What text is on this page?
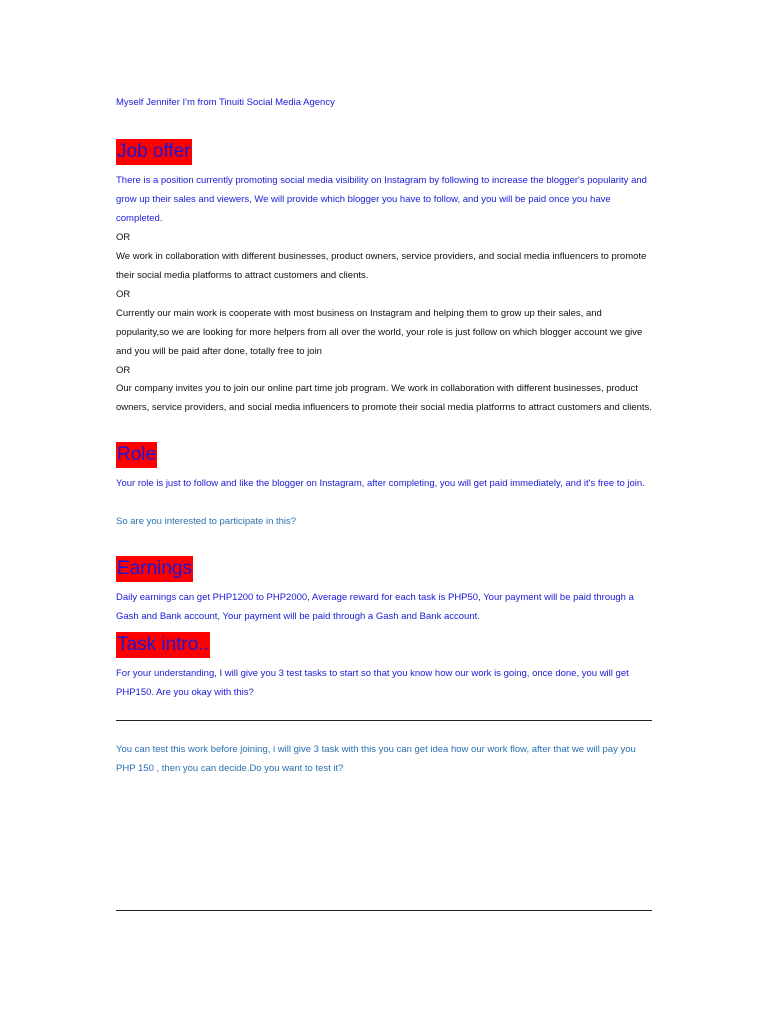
Myself Jennifer I'm from Tinuiti Social Media Agency
Job offer

There is a position currently promoting social media visibility on Instagram by following to increase the blogger's popularity and grow up their sales and viewers, We will provide which blogger you have to follow, and you will be paid once you have completed.

OR

We work in collaboration with different businesses, product owners, service providers, and social media influencers to promote their social media platforms to attract customers and clients.

OR

Currently our main work is cooperate with most business on Instagram and helping them to grow up their sales, and popularity,so we are looking for more helpers from all over the world, your role is just follow on which blogger account we give and you will be paid after done, totally free to join

OR

Our company invites you to join our online part time job program. We work in collaboration with different businesses, product owners, service providers, and social media influencers to promote their social media platforms to attract customers and clients.

Role

Your role is just to follow and like the blogger on Instagram, after completing, you will get paid immediately, and it's free to join.

So are you interested to participate in this?

Earnings

Daily earnings can get PHP1200 to PHP2000, Average reward for each task is PHP50, Your payment will be paid through a Gash and Bank account, Your payment will be paid through a Gash and Bank account.

Task intro..

For your understanding, I will give you 3 test tasks to start so that you know how our work is going, once done, you will get PHP150. Are you okay with this?

You can test this work before joining, i will give 3 task with this you can get idea how our work flow, after that we will pay you PHP 150 , then you can decide.Do you want to test it?
